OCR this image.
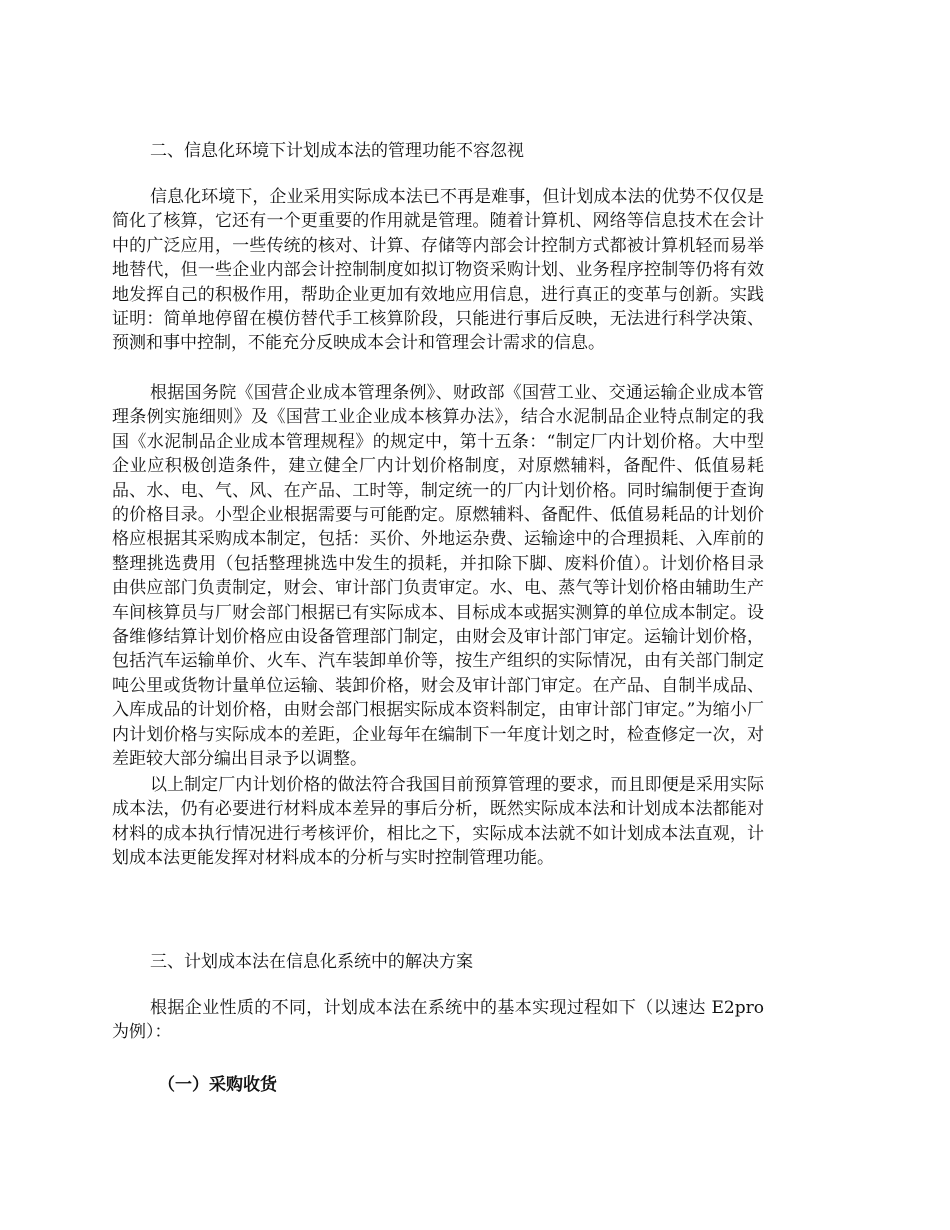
二、信息化环境下计划成本法的管理功能不容忽视

信息化环境下，企业采用实际成本法已不再是难事，但计划成本法的优势不仅仅是简化了核算，它还有一个更重要的作用就是管理。随着计算机、网络等信息技术在会计中的广泛应用，一些传统的核对、计算、存储等内部会计控制方式都被计算机轻而易举地替代，但一些企业内部会计控制制度如拟订物资采购计划、业务程序控制等仍将有效地发挥自己的积极作用，帮助企业更加有效地应用信息，进行真正的变革与创新。实践证明：简单地停留在模仿替代手工核算阶段，只能进行事后反映，无法进行科学决策、预测和事中控制，不能充分反映成本会计和管理会计需求的信息。

根据国务院《国营企业成本管理条例》、财政部《国营工业、交通运输企业成本管理条例实施细则》及《国营工业企业成本核算办法》，结合水泥制品企业特点制定的我国《水泥制品企业成本管理规程》的规定中，第十五条：“制定厂内计划价格。大中型企业应积极创造条件，建立健全厂内计划价格制度，对原燃辅料，备配件、低值易耗品、水、电、气、风、在产品、工时等，制定统一的厂内计划价格。同时编制便于查询的价格目录。小型企业根据需要与可能酌定。原燃辅料、备配件、低值易耗品的计划价格应根据其采购成本制定，包括：买价、外地运杂费、运输途中的合理损耗、入库前的整理挑选费用（包括整理挑选中发生的损耗，并扣除下脚、废料价值）。计划价格目录由供应部门负责制定，财会、审计部门负责审定。水、电、蒸气等计划价格由辅助生产车间核算员与厂财会部门根据已有实际成本、目标成本或据实测算的单位成本制定。设备维修结算计划价格应由设备管理部门制定，由财会及审计部门审定。运输计划价格，包括汽车运输单价、火车、汽车装卸单价等，按生产组织的实际情况，由有关部门制定吨公里或货物计量单位运输、装卸价格，财会及审计部门审定。在产品、自制半成品、入库成品的计划价格，由财会部门根据实际成本资料制定，由审计部门审定。”为缩小厂内计划价格与实际成本的差距，企业每年在编制下一年度计划之时，检查修定一次，对差距较大部分编出目录予以调整。

以上制定厂内计划价格的做法符合我国目前预算管理的要求，而且即便是采用实际成本法，仍有必要进行材料成本差异的事后分析，既然实际成本法和计划成本法都能对材料的成本执行情况进行考核评价，相比之下，实际成本法就不如计划成本法直观，计划成本法更能发挥对材料成本的分析与实时控制管理功能。

三、计划成本法在信息化系统中的解决方案

根据企业性质的不同，计划成本法在系统中的基本实现过程如下（以速达 E2pro 为例）：

（一）采购收货
